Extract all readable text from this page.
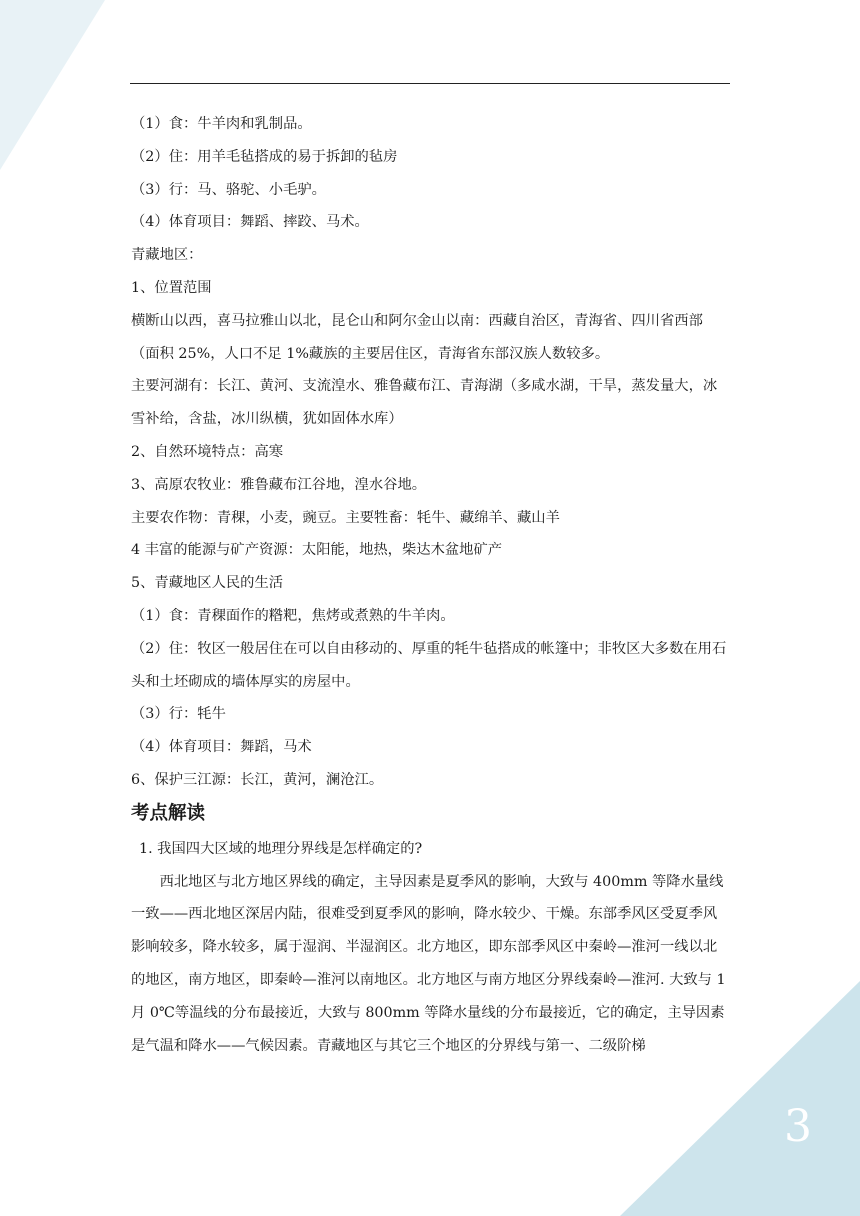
3

（1）食：牛羊肉和乳制品。

（2）住：用羊毛毡搭成的易于拆卸的毡房

（3）行：马、骆驼、小毛驴。

（4）体育项目：舞蹈、摔跤、马术。

青藏地区：

1、位置范围

横断山以西，喜马拉雅山以北，昆仑山和阿尔金山以南：西藏自治区，青海省、四川省西部（面积 25%，人口不足 1%藏族的主要居住区，青海省东部汉族人数较多。

主要河湖有：长江、黄河、支流湟水、雅鲁藏布江、青海湖（多咸水湖，干旱，蒸发量大，冰雪补给，含盐，冰川纵横，犹如固体水库）

2、自然环境特点：高寒

3、高原农牧业：雅鲁藏布江谷地，湟水谷地。

主要农作物：青稞，小麦，豌豆。主要牲畜：牦牛、藏绵羊、藏山羊

4 丰富的能源与矿产资源：太阳能，地热，柴达木盆地矿产

5、青藏地区人民的生活

（1）食：青稞面作的糌粑，焦烤或煮熟的牛羊肉。

（2）住：牧区一般居住在可以自由移动的、厚重的牦牛毡搭成的帐篷中；非牧区大多数在用石头和土坯砌成的墙体厚实的房屋中。

（3）行：牦牛

（4）体育项目：舞蹈，马术

6、保护三江源：长江，黄河，澜沧江。

考点解读

1. 我国四大区域的地理分界线是怎样确定的?

西北地区与北方地区界线的确定，主导因素是夏季风的影响，大致与 400mm 等降水量线一致——西北地区深居内陆，很难受到夏季风的影响，降水较少、干燥。东部季风区受夏季风影响较多，降水较多，属于湿润、半湿润区。北方地区，即东部季风区中秦岭—淮河一线以北的地区，南方地区，即秦岭—淮河以南地区。北方地区与南方地区分界线秦岭—淮河. 大致与 1 月 0℃等温线的分布最接近，大致与 800mm 等降水量线的分布最接近，它的确定，主导因素是气温和降水——气候因素。青藏地区与其它三个地区的分界线与第一、二级阶梯
